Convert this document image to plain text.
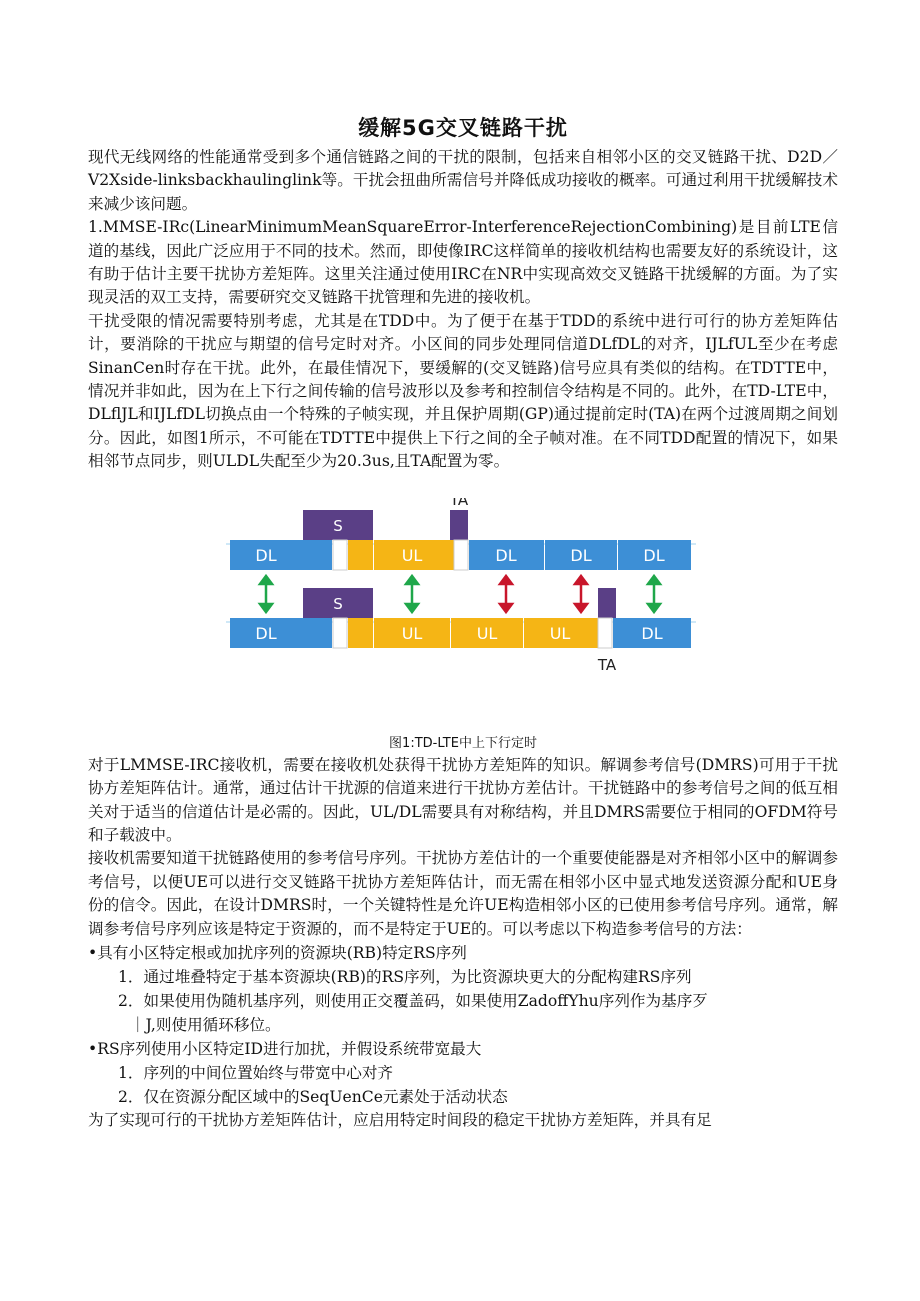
缓解5G交叉链路干扰

现代无线网络的性能通常受到多个通信链路之间的干扰的限制，包括来自相邻小区的交叉链路干扰、D2D／V2Xside-linksbackhaulinglink等。干扰会扭曲所需信号并降低成功接收的概率。可通过利用干扰缓解技术来减少该问题。

1.MMSE-IRc(LinearMinimumMeanSquareError-InterferenceRejectionCombining)是目前LTE信道的基线，因此广泛应用于不同的技术。然而，即使像IRC这样简单的接收机结构也需要友好的系统设计，这有助于估计主要干扰协方差矩阵。这里关注通过使用IRC在NR中实现高效交叉链路干扰缓解的方面。为了实现灵活的双工支持，需要研究交叉链路干扰管理和先进的接收机。

干扰受限的情况需要特别考虑，尤其是在TDD中。为了便于在基于TDD的系统中进行可行的协方差矩阵估计，要消除的干扰应与期望的信号定时对齐。小区间的同步处理同信道DLfDL的对齐，IJLfUL至少在考虑SinanCen时存在干扰。此外，在最佳情况下，要缓解的(交叉链路)信号应具有类似的结构。在TDTTE中，情况并非如此，因为在上下行之间传输的信号波形以及参考和控制信令结构是不同的。此外，在TD-LTE中，DLflJL和IJLfDL切换点由一个特殊的子帧实现，并且保护周期(GP)通过提前定时(TA)在两个过渡周期之间划分。因此，如图1所示，不可能在TDTTE中提供上下行之间的全子帧对准。在不同TDD配置的情况下，如果相邻节点同步，则ULDL失配至少为20.3us,且TA配置为零。

S
TA
DL	UL	DL	DL	DL
S
DL	UL	UL	UL	DL
TA

图1:TD-LTE中上下行定时

对于LMMSE-IRC接收机，需要在接收机处获得干扰协方差矩阵的知识。解调参考信号(DMRS)可用于干扰协方差矩阵估计。通常，通过估计干扰源的信道来进行干扰协方差估计。干扰链路中的参考信号之间的低互相关对于适当的信道估计是必需的。因此，UL/DL需要具有对称结构，并且DMRS需要位于相同的OFDM符号和子载波中。

接收机需要知道干扰链路使用的参考信号序列。干扰协方差估计的一个重要使能器是对齐相邻小区中的解调参考信号，以便UE可以进行交叉链路干扰协方差矩阵估计，而无需在相邻小区中显式地发送资源分配和UE身份的信令。因此，在设计DMRS时，一个关键特性是允许UE构造相邻小区的已使用参考信号序列。通常，解调参考信号序列应该是特定于资源的，而不是特定于UE的。可以考虑以下构造参考信号的方法：

•具有小区特定根或加扰序列的资源块(RB)特定RS序列

1．通过堆叠特定于基本资源块(RB)的RS序列，为比资源块更大的分配构建RS序列

2．如果使用伪随机基序列，则使用正交覆盖码，如果使用ZadoffYhu序列作为基序歹

｜J,则使用循环移位。

•RS序列使用小区特定ID进行加扰，并假设系统带宽最大

1．序列的中间位置始终与带宽中心对齐

2．仅在资源分配区域中的SeqUenCe元素处于活动状态

为了实现可行的干扰协方差矩阵估计，应启用特定时间段的稳定干扰协方差矩阵，并具有足
